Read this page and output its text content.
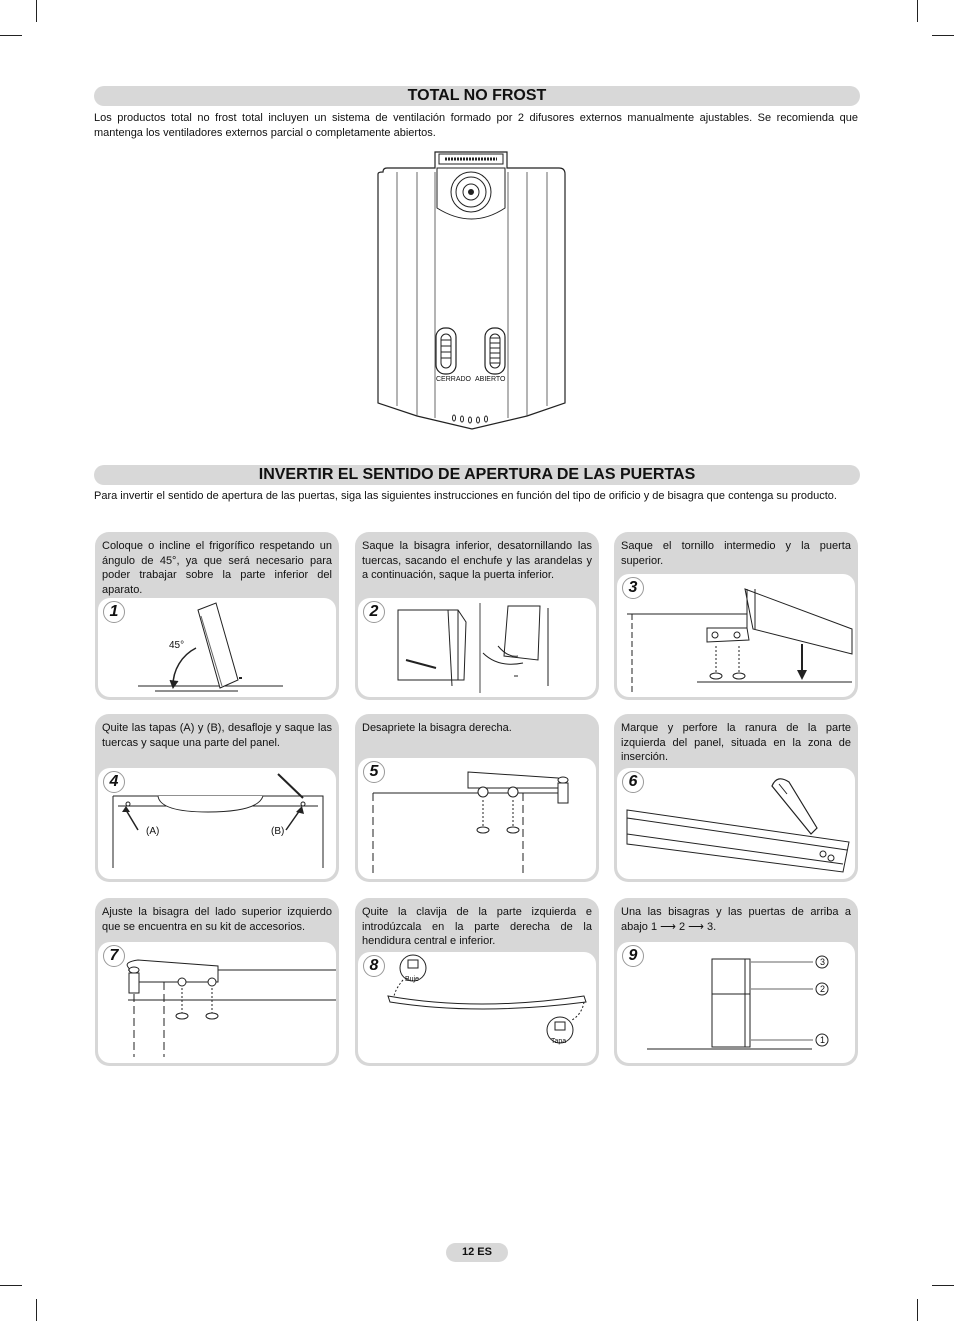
TOTAL NO FROST
Los productos total no frost total incluyen un sistema de ventilación formado por 2 difusores externos manualmente ajustables. Se recomienda que mantenga los ventiladores externos parcial o completamente abiertos.
CERRADO ABIERTO
INVERTIR EL SENTIDO DE APERTURA DE LAS PUERTAS
Para invertir el sentido de apertura de las puertas, siga las siguientes instrucciones en función del tipo de orificio y de bisagra que contenga su producto.
Coloque o incline el frigorífico respetando un ángulo de 45°, ya que será necesario para poder trabajar sobre la parte inferior del aparato.
1
45°
Saque la bisagra inferior, desatornillando las tuercas, sacando el enchufe y las arandelas y a continuación, saque la puerta inferior.
2
Saque el tornillo intermedio y la puerta superior.
3
Quite las tapas (A) y (B), desafloje y saque las tuercas y saque una parte del panel.
4
(A)	(B)
Desapriete la bisagra derecha.
5
Marque y perfore la ranura de la parte izquierda del panel, situada en la zona de inserción.
6
Ajuste la bisagra del lado superior izquierdo que se encuentra en su kit de accesorios.
7
Quite la clavija de la parte izquierda e introdúzcala en la parte derecha de la hendidura central e inferior.
8
Buje
Tapa
Una las bisagras y las puertas de arriba a abajo 1 ⟶ 2 ⟶ 3.
9	3
2
1
12 ES
